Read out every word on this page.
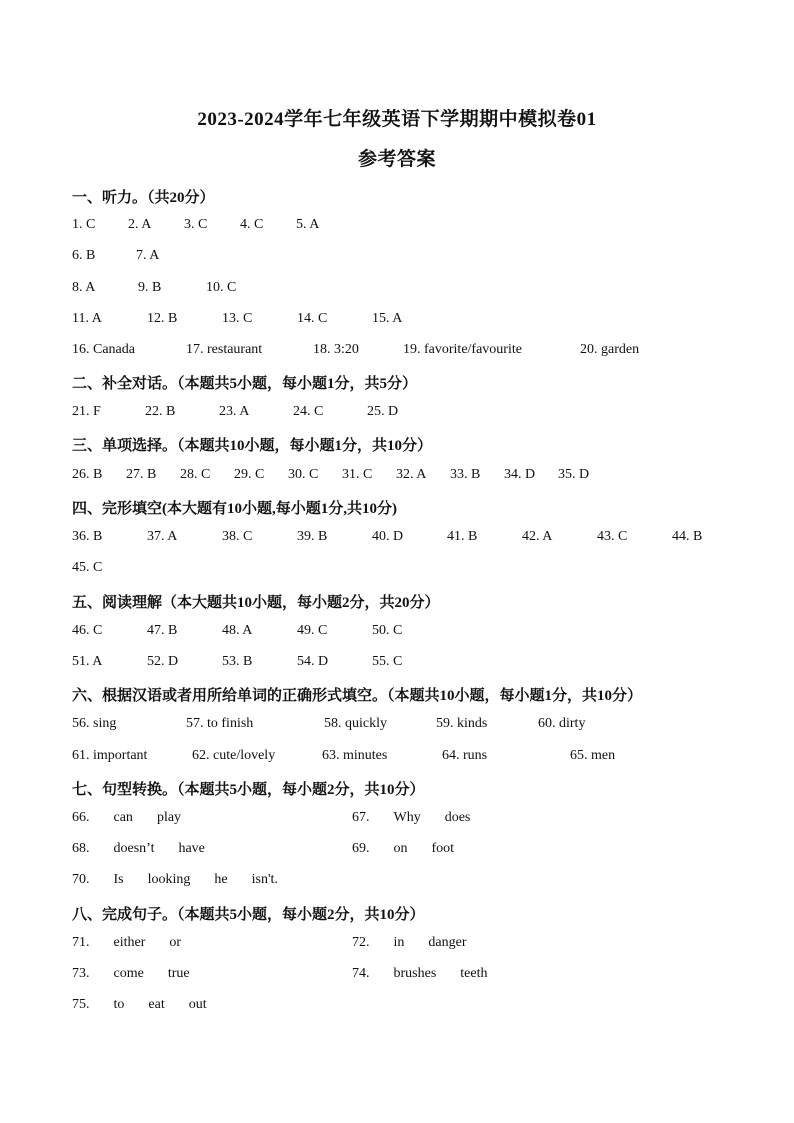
2023-2024学年七年级英语下学期期中模拟卷01
参考答案
一、听力。（共20分）
1. C 2. A 3. C 4. C 5. A
6. B	7. A
8. A	9. B	10. C
11. A	12. B	13. C	14. C	15. A
16. Canada	17. restaurant	18. 3:20	19. favorite/favourite	20. garden
二、补全对话。（本题共5小题，每小题1分，共5分）
21. F	22. B	23. A	24. C	25. D
三、单项选择。（本题共10小题，每小题1分，共10分）
26. B 27. B 28. C 29. C 30. C 31. C 32. A 33. B 34. D 35. D
四、完形填空(本大题有10小题,每小题1分,共10分)
36. B	37. A	38. C	39. B	40. D	41. B	42. A	43. C	44. B
45. C
五、阅读理解（本大题共10小题，每小题2分，共20分）
46. C	47. B	48. A	49. C	50. C
51. A	52. D	53. B	54. D	55. C
六、根据汉语或者用所给单词的正确形式填空。（本题共10小题，每小题1分，共10分）
56. sing	57. to finish	58. quickly	59. kinds	60. dirty
61. important	62. cute/lovely	63. minutes	64. runs	65. men
七、句型转换。（本题共5小题，每小题2分，共10分）
66. can play	67. Why does
68. doesn’t have	69. on foot
70. Is looking he isn't.
八、完成句子。（本题共5小题，每小题2分，共10分）
71. either or	72. in danger
73. come true	74. brushes teeth
75. to eat out
